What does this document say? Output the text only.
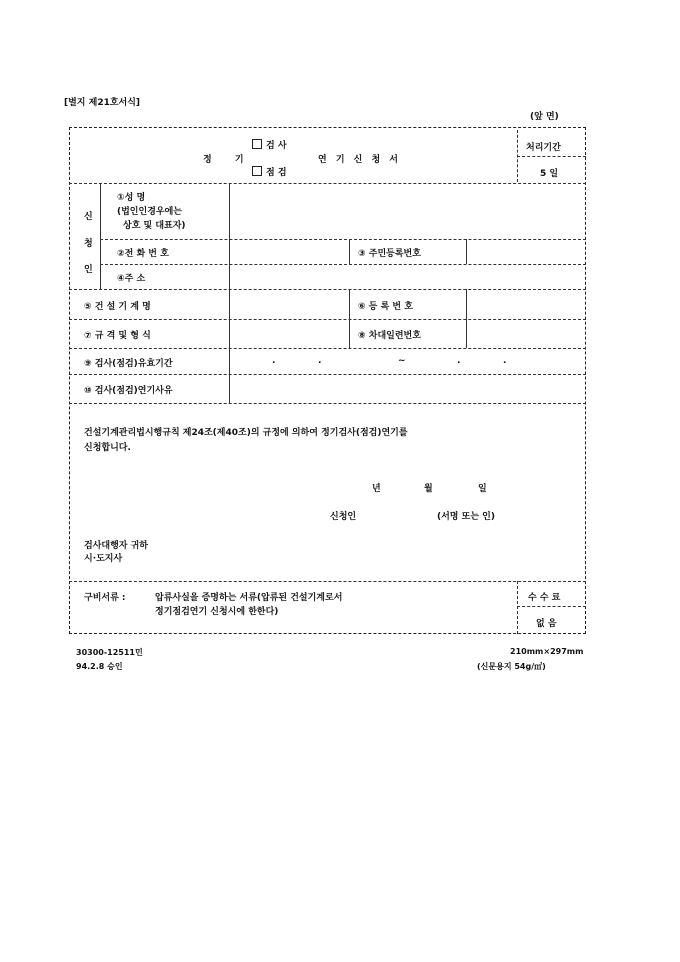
[별지 제21호서식]
(앞 면)
정 기
검 사
점 검
연 기 신 청 서
처리기간
5 일
신
청
인
①성 명
(법인인경우에는
상호 및 대표자)
②전 화 번 호	③ 주민등록번호
④주 소
⑤ 건 설 기 계 명	⑥ 등 록 번 호
⑦ 규 격 및 형 식	⑧ 차대일련번호
⑨ 검사(점검)유효기간	.	.	~	.	.
⑩ 검사(점검)연기사유
건설기계관리법시행규칙 제24조(제40조)의 규정에 의하여 정기검사(점검)연기를
신청합니다.
년	월	일
신청인	(서명 또는 인)
검사대행자 귀하
시·도지사
구비서류 :	압류사실을 증명하는 서류(압류된 건설기계로서
정기점검연기 신청시에 한한다)
수 수 료
없 음
30300-12511민
94.2.8 승인
210mm×297mm
(신문용지 54g/㎡)
